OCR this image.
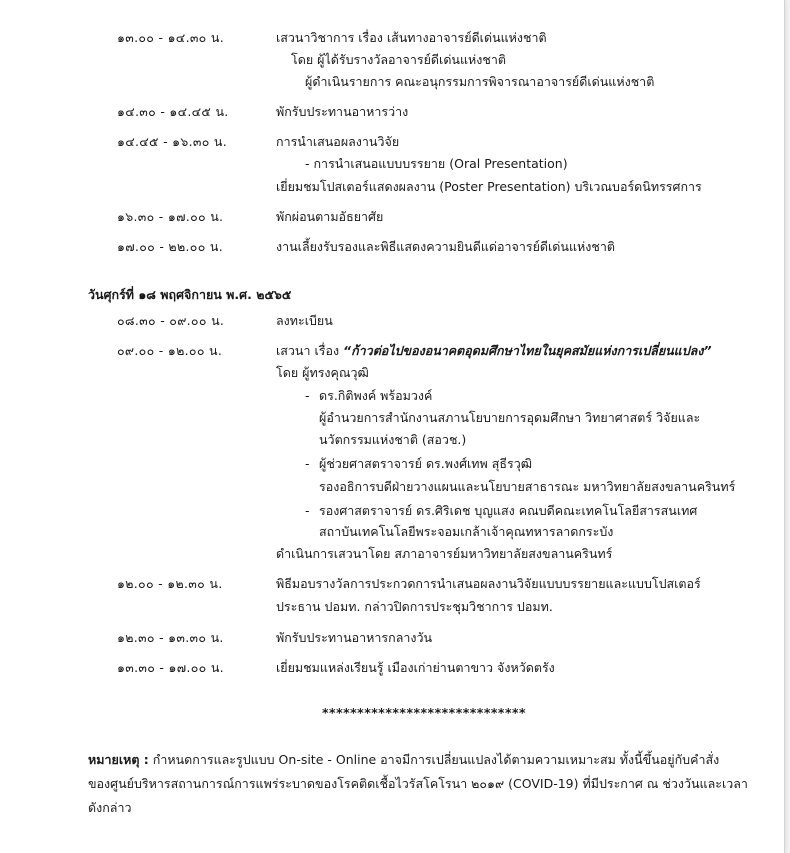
๑๓.๐๐ - ๑๔.๓๐ น.	เสวนาวิชาการ เรื่อง เส้นทางอาจารย์ดีเด่นแห่งชาติ
โดย ผู้ได้รับรางวัลอาจารย์ดีเด่นแห่งชาติ
ผู้ดำเนินรายการ คณะอนุกรรมการพิจารณาอาจารย์ดีเด่นแห่งชาติ
๑๔.๓๐ - ๑๔.๔๕ น.	พักรับประทานอาหารว่าง
๑๔.๔๕ - ๑๖.๓๐ น.	การนำเสนอผลงานวิจัย
- การนำเสนอแบบบรรยาย (Oral Presentation)
เยี่ยมชมโปสเตอร์แสดงผลงาน (Poster Presentation) บริเวณบอร์ดนิทรรศการ
๑๖.๓๐ - ๑๗.๐๐ น.	พักผ่อนตามอัธยาศัย
๑๗.๐๐ - ๒๒.๐๐ น.	งานเลี้ยงรับรองและพิธีแสดงความยินดีแด่อาจารย์ดีเด่นแห่งชาติ
วันศุกร์ที่ ๑๘ พฤศจิกายน พ.ศ. ๒๕๖๕
๐๘.๓๐ - ๐๙.๐๐ น.	ลงทะเบียน
๐๙.๐๐ - ๑๒.๐๐ น.	เสวนา เรื่อง “ก้าวต่อไปของอนาคตอุดมศึกษาไทยในยุคสมัยแห่งการเปลี่ยนแปลง”
โดย ผู้ทรงคุณวุฒิ
- ดร.กิติพงค์ พร้อมวงค์
ผู้อำนวยการสำนักงานสภานโยบายการอุดมศึกษา วิทยาศาสตร์ วิจัยและ
นวัตกรรมแห่งชาติ (สอวช.)
- ผู้ช่วยศาสตราจารย์ ดร.พงศ์เทพ สุธีรวุฒิ
รองอธิการบดีฝ่ายวางแผนและนโยบายสาธารณะ มหาวิทยาลัยสงขลานครินทร์
- รองศาสตราจารย์ ดร.ศิริเดช บุญแสง คณบดีคณะเทคโนโลยีสารสนเทศ
สถาบันเทคโนโลยีพระจอมเกล้าเจ้าคุณทหารลาดกระบัง
ดำเนินการเสวนาโดย สภาอาจารย์มหาวิทยาลัยสงขลานครินทร์
๑๒.๐๐ - ๑๒.๓๐ น.	พิธีมอบรางวัลการประกวดการนำเสนอผลงานวิจัยแบบบรรยายและแบบโปสเตอร์
ประธาน ปอมท. กล่าวปิดการประชุมวิชาการ ปอมท.
๑๒.๓๐ - ๑๓.๓๐ น.	พักรับประทานอาหารกลางวัน
๑๓.๓๐ - ๑๗.๐๐ น.	เยี่ยมชมแหล่งเรียนรู้ เมืองเก่าย่านตาขาว จังหวัดตรัง
*****************************
หมายเหตุ : กำหนดการและรูปแบบ On-site - Online อาจมีการเปลี่ยนแปลงได้ตามความเหมาะสม ทั้งนี้ขึ้นอยู่กับคำสั่ง
ของศูนย์บริหารสถานการณ์การแพร่ระบาดของโรคติดเชื้อไวรัสโคโรนา ๒๐๑๙ (COVID-19) ที่มีประกาศ ณ ช่วงวันและเวลา
ดังกล่าว
